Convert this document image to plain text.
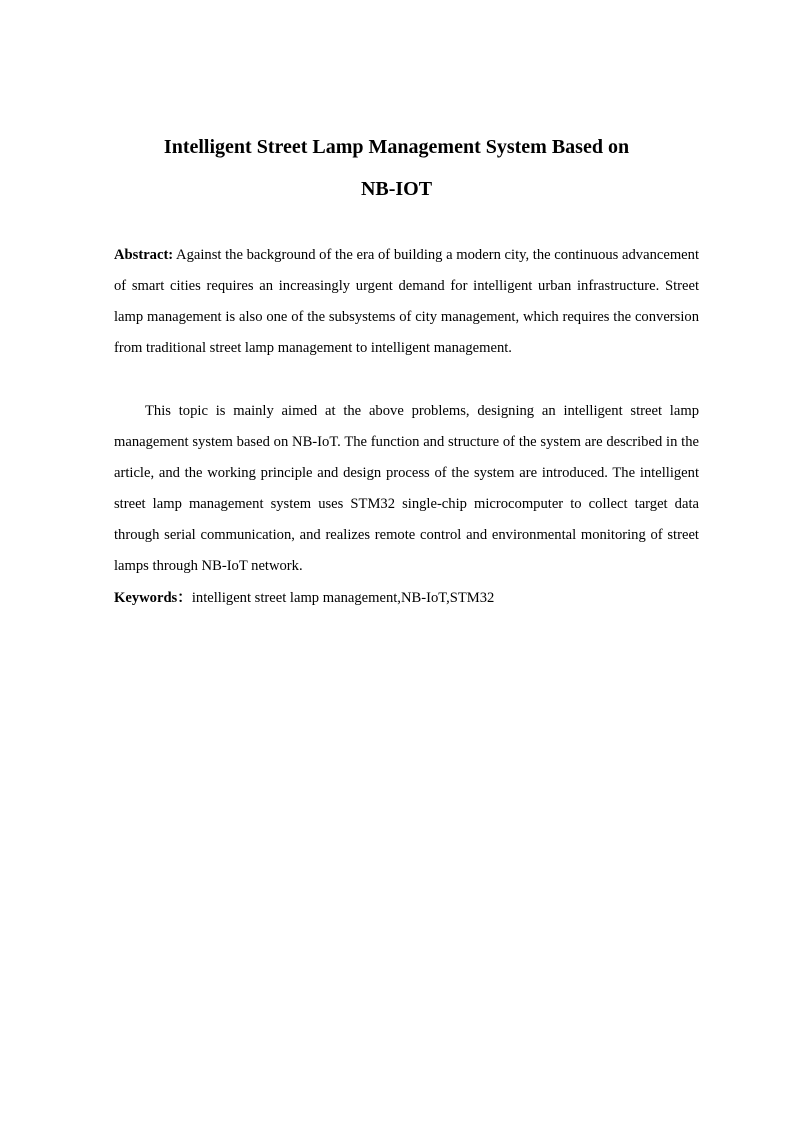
Intelligent Street Lamp Management System Based on
NB-IOT

Abstract: Against the background of the era of building a modern city, the continuous advancement of smart cities requires an increasingly urgent demand for intelligent urban infrastructure. Street lamp management is also one of the subsystems of city management, which requires the conversion from traditional street lamp management to intelligent management.

This topic is mainly aimed at the above problems, designing an intelligent street lamp management system based on NB-IoT. The function and structure of the system are described in the article, and the working principle and design process of the system are introduced. The intelligent street lamp management system uses STM32 single-chip microcomputer to collect target data through serial communication, and realizes remote control and environmental monitoring of street lamps through NB-IoT network.

Keywords：intelligent street lamp management,NB-IoT,STM32
